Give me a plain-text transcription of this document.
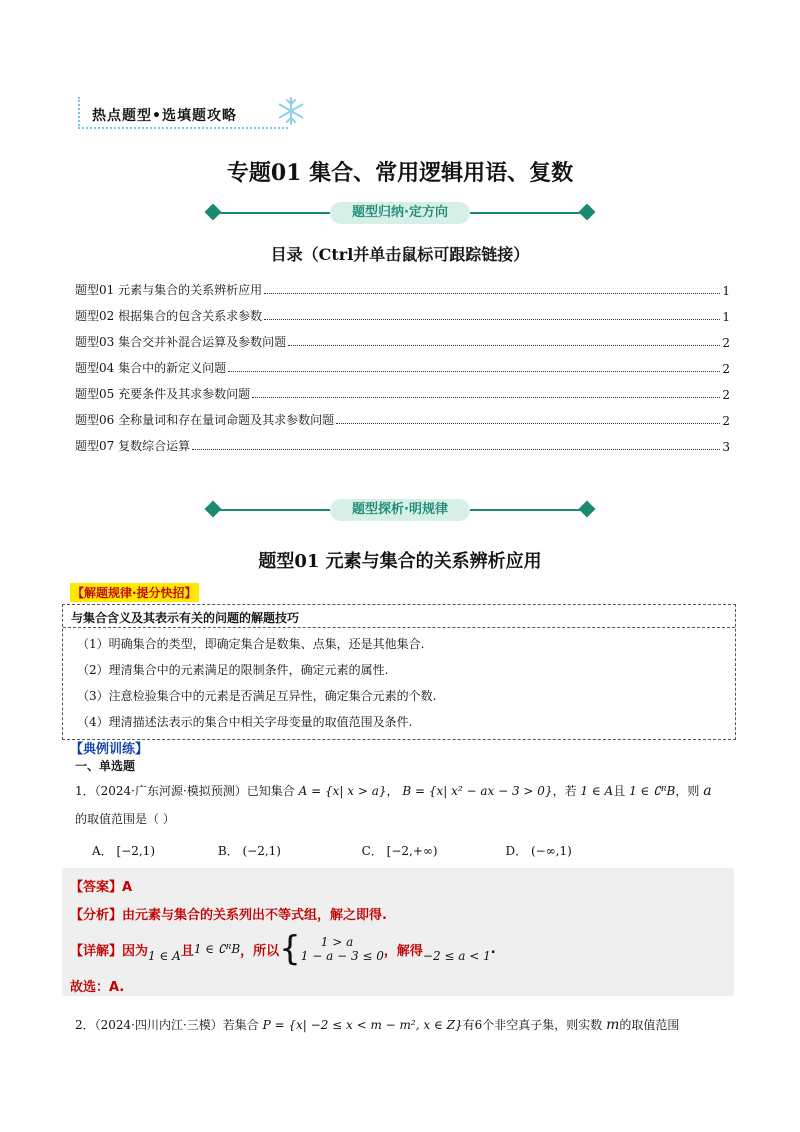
热点题型•选填题攻略
专题01 集合、常用逻辑用语、复数
题型归纳·定方向
目录（Ctrl并单击鼠标可跟踪链接）
题型01 元素与集合的关系辨析应用	1
题型02 根据集合的包含关系求参数	1
题型03 集合交并补混合运算及参数问题	2
题型04 集合中的新定义问题	2
题型05 充要条件及其求参数问题	2
题型06 全称量词和存在量词命题及其求参数问题	2
题型07 复数综合运算	3
题型探析·明规律
题型01 元素与集合的关系辨析应用
【解题规律·提分快招】
与集合含义及其表示有关的问题的解题技巧
（1）明确集合的类型，即确定集合是数集、点集，还是其他集合.
（2）理清集合中的元素满足的限制条件，确定元素的属性.
（3）注意检验集合中的元素是否满足互异性，确定集合元素的个数.
（4）理清描述法表示的集合中相关字母变量的取值范围及条件.
【典例训练】
一、单选题
1．（2024·广东河源·模拟预测）已知集合 A = {x| x > a}， B = {x| x² − ax − 3 > 0}，若 1 ∈ A且 1 ∈ ∁ᴿB，则 a
的取值范围是（ ）
A． [−2,1)	B． (−2,1)	C． [−2,+∞)	D． (−∞,1)
【答案】A
【分析】由元素与集合的关系列出不等式组，解之即得.
【详解】因为 1 ∈ A 且 1 ∈ ∁ᴿB ，所以 {	1 > a
1 − a − 3 ≤ 0 ，解得 −2 ≤ a < 1 .
故选：A.
2．（2024·四川内江·三模）若集合 P = {x| −2 ≤ x < m − m², x ∈ Z}有6个非空真子集，则实数 m的取值范围
